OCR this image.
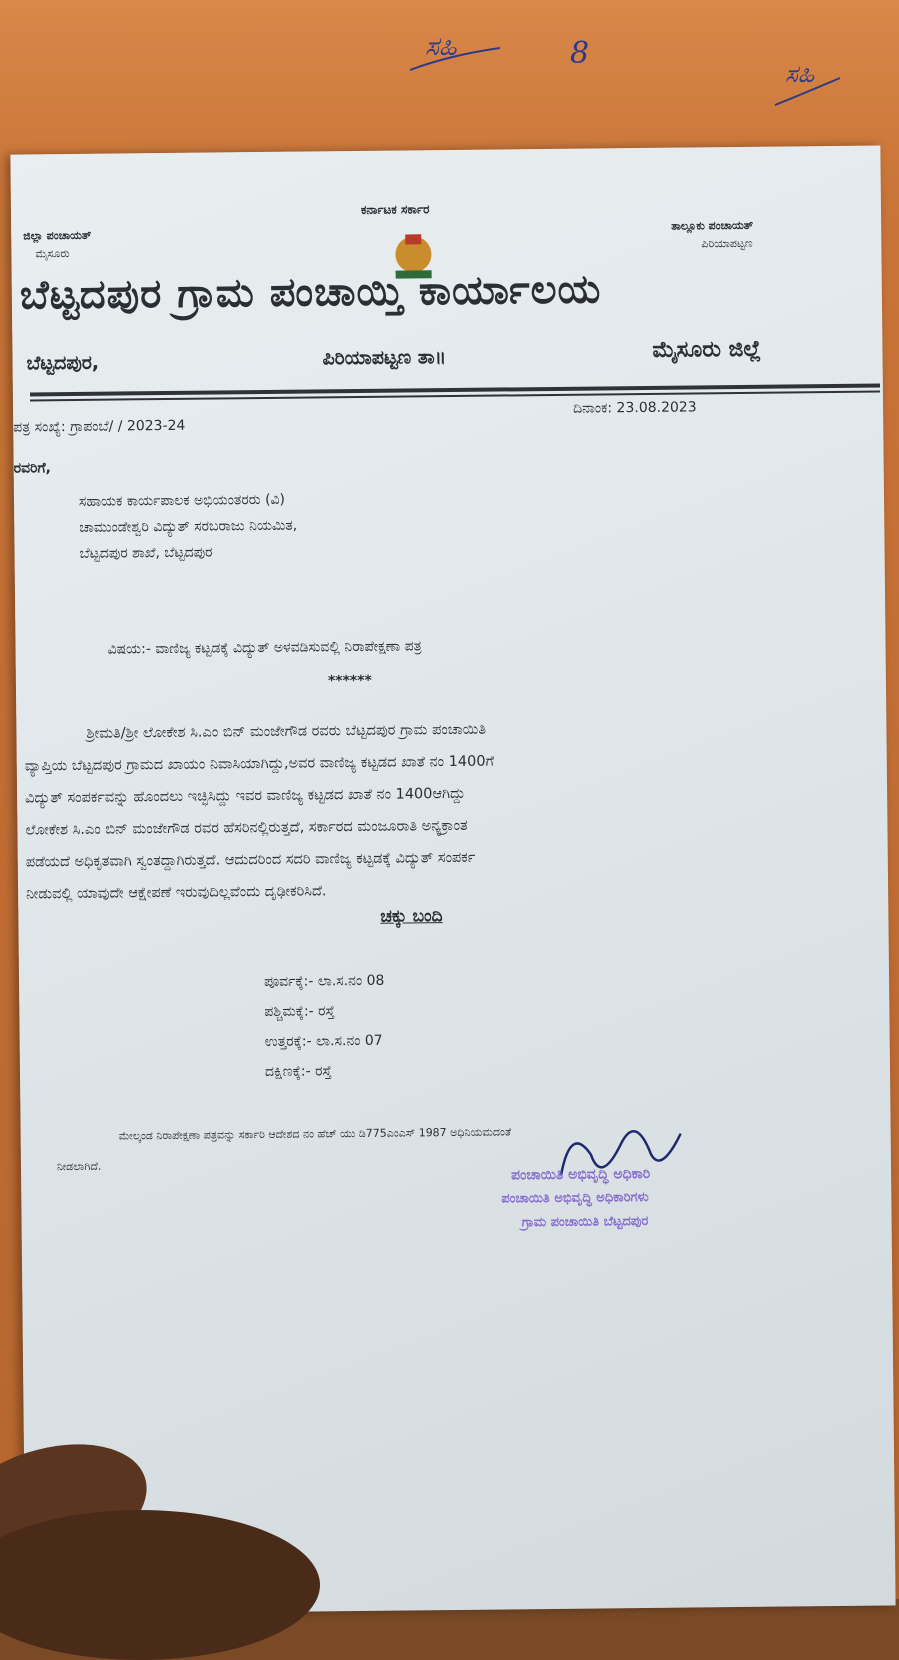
ಸಹಿ	8
ಸಹಿ
ಕರ್ನಾಟಕ ಸರ್ಕಾರ
ಜಿಲ್ಲಾ ಪಂಚಾಯತ್
ಮೈಸೂರು
ತಾಲ್ಲೂಕು ಪಂಚಾಯತ್
ಪಿರಿಯಾಪಟ್ಟಣ
ಬೆಟ್ಟದಪುರ ಗ್ರಾಮ ಪಂಚಾಯ್ತಿ ಕಾರ್ಯಾಲಯ
ಬೆಟ್ಟದಪುರ,	ಪಿರಿಯಾಪಟ್ಟಣ ತಾ॥	ಮೈಸೂರು ಜಿಲ್ಲೆ
ಪತ್ರ ಸಂಖ್ಯೆ: ಗ್ರಾಪಂಬೆ/ / 2023-24
ದಿನಾಂಕ: 23.08.2023
ರವರಿಗೆ,
ಸಹಾಯಕ ಕಾರ್ಯಪಾಲಕ ಅಭಿಯಂತರರು (ವಿ)
ಚಾಮುಂಡೇಶ್ವರಿ ವಿದ್ಯುತ್ ಸರಬರಾಜು ನಿಯಮಿತ,
ಬೆಟ್ಟದಪುರ ಶಾಖೆ, ಬೆಟ್ಟದಪುರ
ವಿಷಯ:- ವಾಣಿಜ್ಯ ಕಟ್ಟಡಕ್ಕೆ ವಿದ್ಯುತ್ ಅಳವಡಿಸುವಲ್ಲಿ ನಿರಾಪೇಕ್ಷಣಾ ಪತ್ರ
******
ಶ್ರೀಮತಿ/ಶ್ರೀ ಲೋಕೇಶ ಸಿ.ಎಂ ಬಿನ್ ಮಂಜೇಗೌಡ ರವರು ಬೆಟ್ಟದಪುರ ಗ್ರಾಮ ಪಂಚಾಯಿತಿ
ವ್ಯಾಪ್ತಿಯ ಬೆಟ್ಟದಪುರ ಗ್ರಾಮದ ಖಾಯಂ ನಿವಾಸಿಯಾಗಿದ್ದು,ಅವರ ವಾಣಿಜ್ಯ ಕಟ್ಟಡದ ಖಾತೆ ನಂ 1400ಗೆ
ವಿದ್ಯುತ್ ಸಂಪರ್ಕವನ್ನು ಹೊಂದಲು ಇಚ್ಛಿಸಿದ್ದು ಇವರ ವಾಣಿಜ್ಯ ಕಟ್ಟಡದ ಖಾತೆ ನಂ 1400ಆಗಿದ್ದು
ಲೋಕೇಶ ಸಿ.ಎಂ ಬಿನ್ ಮಂಜೇಗೌಡ ರವರ ಹೆಸರಿನಲ್ಲಿರುತ್ತದೆ, ಸರ್ಕಾರದ ಮಂಜೂರಾತಿ ಅನ್ಯಕ್ರಾಂತ
ಪಡೆಯದೆ ಅಧಿಕೃತವಾಗಿ ಸ್ವಂತದ್ದಾಗಿರುತ್ತದೆ. ಆದುದರಿಂದ ಸದರಿ ವಾಣಿಜ್ಯ ಕಟ್ಟಡಕ್ಕೆ ವಿದ್ಯುತ್ ಸಂಪರ್ಕ
ನೀಡುವಲ್ಲಿ ಯಾವುದೇ ಆಕ್ಷೇಪಣೆ ಇರುವುದಿಲ್ಲವೆಂದು ದೃಢೀಕರಿಸಿದೆ.
ಚಕ್ಕು ಬಂದಿ
ಪೂರ್ವಕ್ಕೆ:- ಲಾ.ಸ.ನಂ 08
ಪಶ್ಚಿಮಕ್ಕೆ:- ರಸ್ತೆ
ಉತ್ತರಕ್ಕೆ:- ಲಾ.ಸ.ನಂ 07
ದಕ್ಷಿಣಕ್ಕೆ:- ರಸ್ತೆ
ಮೇಲ್ಕಂಡ ನಿರಾಪೇಕ್ಷಣಾ ಪತ್ರವನ್ನು ಸರ್ಕಾರಿ ಆದೇಶದ ನಂ ಹೆಚ್ ಯು ಡಿ775ಎಂಎಸ್ 1987 ಅಧಿನಿಯಮದಂತೆ
ನೀಡಲಾಗಿದೆ.	ಪಂಚಾಯಿತಿ ಅಭಿವೃದ್ಧಿ ಅಧಿಕಾರಿ
ಪಂಚಾಯಿತಿ ಅಭಿವೃದ್ಧಿ ಅಧಿಕಾರಿಗಳು
ಗ್ರಾಮ ಪಂಚಾಯಿತಿ ಬೆಟ್ಟದಪುರ
